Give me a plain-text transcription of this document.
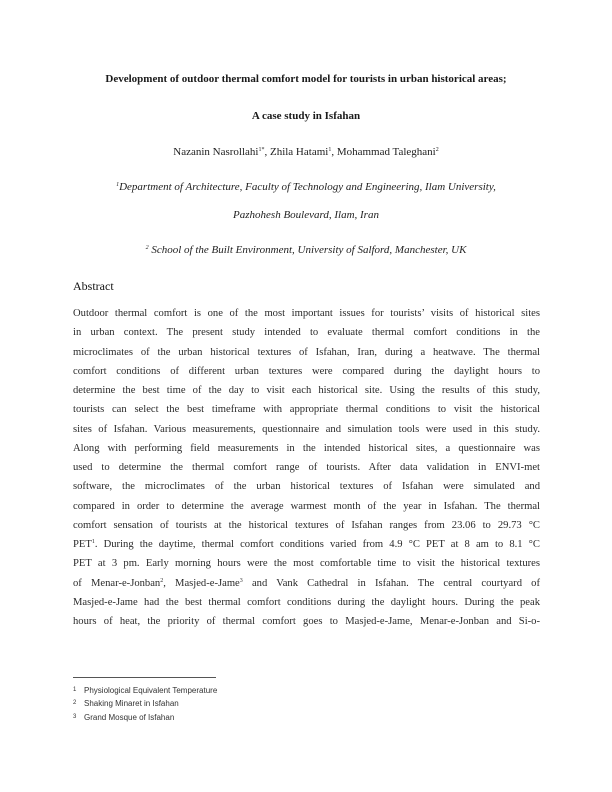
Development of outdoor thermal comfort model for tourists in urban historical areas;
A case study in Isfahan
Nazanin Nasrollahi$^{1*}$, Zhila Hatami$^1$, Mohammad Taleghani$^2$
$^1$Department of Architecture, Faculty of Technology and Engineering, Ilam University,
Pazhohesh Boulevard, Ilam, Iran
$^2$ School of the Built Environment, University of Salford, Manchester, UK
Abstract

Outdoor thermal comfort is one of the most important issues for tourists’ visits of historical sites

in urban context. The present study intended to evaluate thermal comfort conditions in the

microclimates of the urban historical textures of Isfahan, Iran, during a heatwave. The thermal

comfort conditions of different urban textures were compared during the daylight hours to

determine the best time of the day to visit each historical site. Using the results of this study,

tourists can select the best timeframe with appropriate thermal conditions to visit the historical

sites of Isfahan. Various measurements, questionnaire and simulation tools were used in this study.

Along with performing field measurements in the intended historical sites, a questionnaire was

used to determine the thermal comfort range of tourists. After data validation in ENVI-met

software, the microclimates of the urban historical textures of Isfahan were simulated and

compared in order to determine the average warmest month of the year in Isfahan. The thermal

comfort sensation of tourists at the historical textures of Isfahan ranges from 23.06 to 29.73 °C

PET$^1$. During the daytime, thermal comfort conditions varied from 4.9 °C PET at 8 am to 8.1 °C

PET at 3 pm. Early morning hours were the most comfortable time to visit the historical textures

of Menar-e-Jonban$^2$, Masjed-e-Jame$^3$ and Vank Cathedral in Isfahan. The central courtyard of

Masjed-e-Jame had the best thermal comfort conditions during the daylight hours. During the peak

hours of heat, the priority of thermal comfort goes to Masjed-e-Jame, Menar-e-Jonban and Si-o-

1 Physiological Equivalent Temperature
2 Shaking Minaret in Isfahan
3 Grand Mosque of Isfahan
